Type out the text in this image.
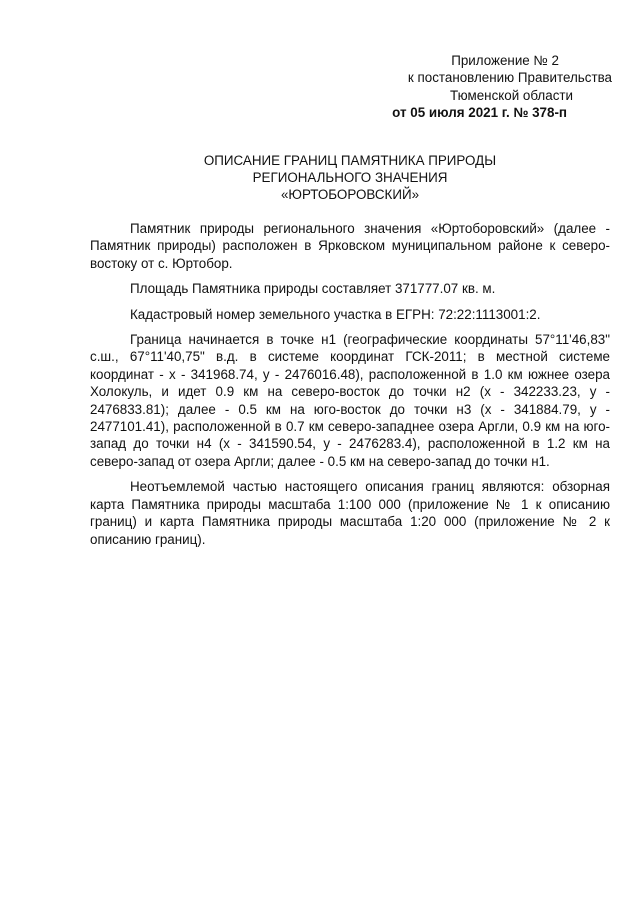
Приложение № 2
к постановлению Правительства
Тюменской области
от 05 июля 2021 г. № 378-п
ОПИСАНИЕ ГРАНИЦ ПАМЯТНИКА ПРИРОДЫ
РЕГИОНАЛЬНОГО ЗНАЧЕНИЯ
«ЮРТОБОРОВСКИЙ»

Памятник природы регионального значения «Юртоборовский» (далее - Памятник природы) расположен в Ярковском муниципальном районе к северо-востоку от с. Юртобор.

Площадь Памятника природы составляет 371777.07 кв. м.

Кадастровый номер земельного участка в ЕГРН: 72:22:1113001:2.

Граница начинается в точке н1 (географические координаты 57°11'46,83" с.ш., 67°11'40,75" в.д. в системе координат ГСК-2011; в местной системе координат - x - 341968.74, y - 2476016.48), расположенной в 1.0 км южнее озера Холокуль, и идет 0.9 км на северо-восток до точки н2 (x - 342233.23, y - 2476833.81); далее - 0.5 км на юго-восток до точки н3 (x - 341884.79, y - 2477101.41), расположенной в 0.7 км северо-западнее озера Аргли, 0.9 км на юго-запад до точки н4 (x - 341590.54, y - 2476283.4), расположенной в 1.2 км на северо-запад от озера Аргли; далее - 0.5 км на северо-запад до точки н1.

Неотъемлемой частью настоящего описания границ являются: обзорная карта Памятника природы масштаба 1:100 000 (приложение № 1 к описанию границ) и карта Памятника природы масштаба 1:20 000 (приложение № 2 к описанию границ).
